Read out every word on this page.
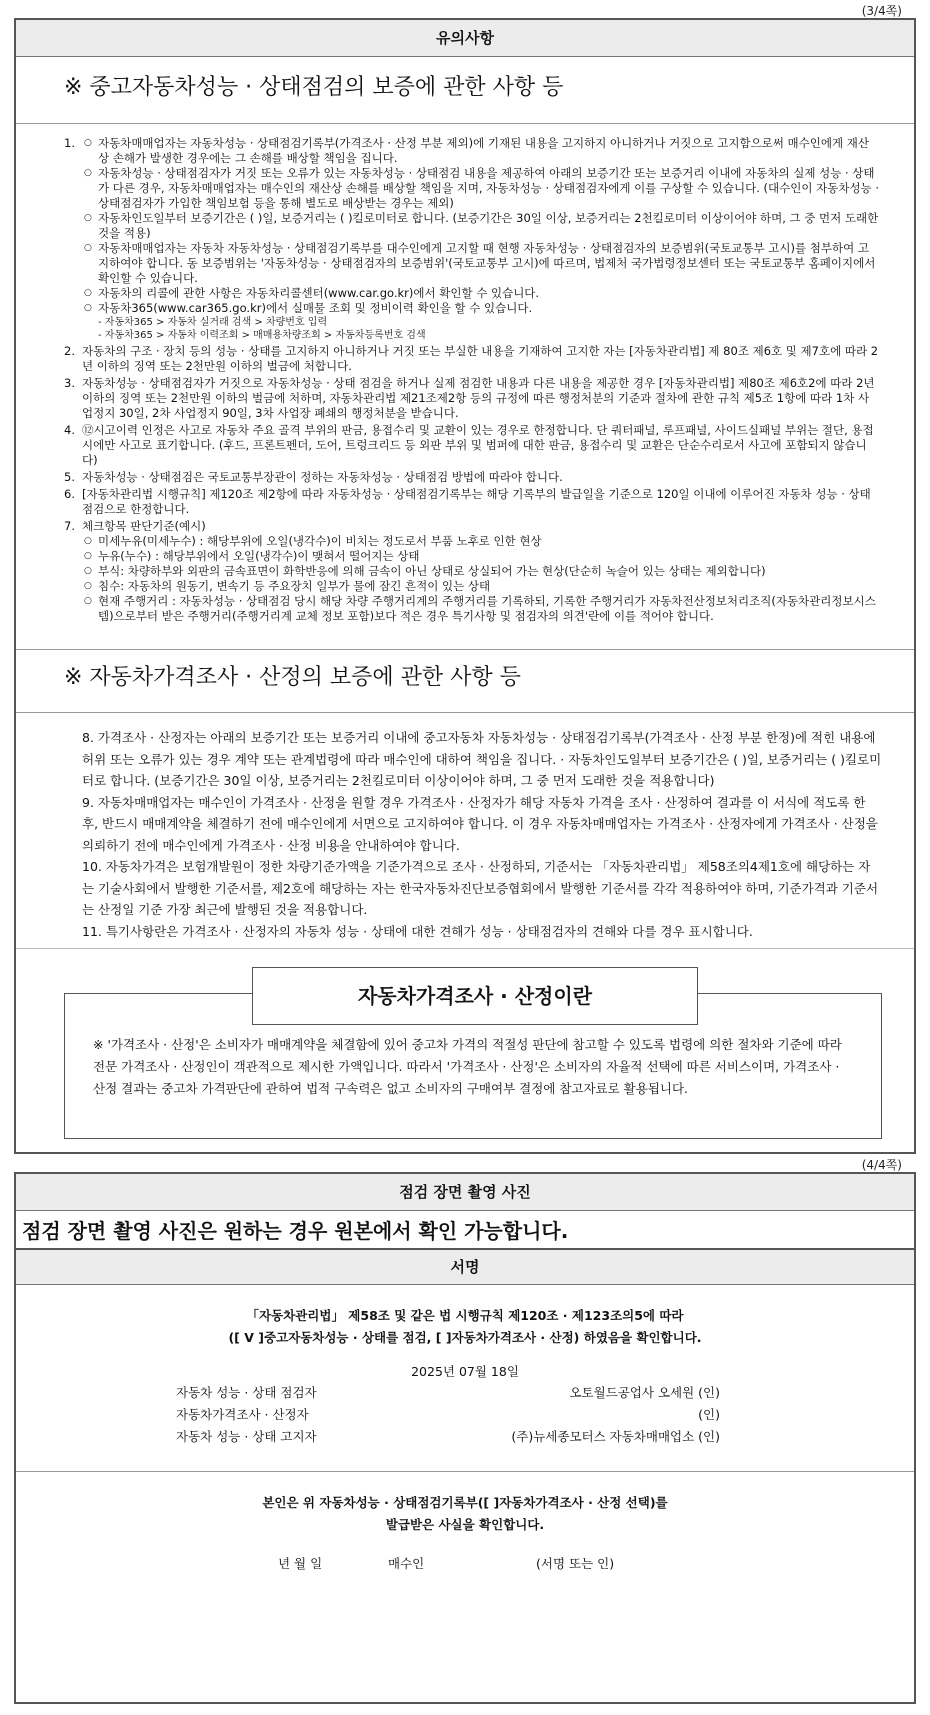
(3/4쪽)
유의사항
※ 중고자동차성능 · 상태점검의 보증에 관한 사항 등
1.
○	자동차매매업자는 자동차성능 · 상태점검기록부(가격조사 · 산정 부분 제외)에 기재된 내용을 고지하지 아니하거나 거짓으로 고지함으로써 매수인에게 재산상 손해가 발생한 경우에는 그 손해를 배상할 책임을 집니다.
○ 자동차성능 · 상태점검자가 거짓 또는 오류가 있는 자동차성능 · 상태점검 내용을 제공하여 아래의 보증기간 또는 보증거리 이내에 자동차의 실제 성능 · 상태가 다른 경우, 자동차매매업자는 매수인의 재산상 손해를 배상할 책임을 지며, 자동차성능 · 상태점검자에게 이를 구상할 수 있습니다. (대수인이 자동차성능 · 상태점검자가 가입한 책임보험 등을 통해 별도로 배상받는 경우는 제외)
○ 자동차인도일부터 보증기간은 ( )일, 보증거리는 ( )킬로미터로 합니다. (보증기간은 30일 이상, 보증거리는 2천킬로미터 이상이어야 하며, 그 중 먼저 도래한 것을 적용)
○ 자동차매매업자는 자동차 자동차성능 · 상태점검기록부를 대수인에게 고지할 때 현행 자동차성능 · 상태점검자의 보증범위(국토교통부 고시)를 첨부하여 고지하여야 합니다. 동 보증범위는 '자동차성능 · 상태점검자의 보증범위'(국토교통부 고시)에 따르며, 법제처 국가법령정보센터 또는 국토교통부 홈페이지에서 확인할 수 있습니다.
○ 자동차의 리콜에 관한 사항은 자동차리콜센터(www.car.go.kr)에서 확인할 수 있습니다.
○ 자동차365(www.car365.go.kr)에서 실매물 조회 및 정비이력 확인을 할 수 있습니다.
- 자동차365 > 자동차 실거래 검색 > 차량번호 입력
- 자동차365 > 자동차 이력조회 > 매매용차량조회 > 자동차등록번호 검색
2. 자동차의 구조 · 장치 등의 성능 · 상태를 고지하지 아니하거나 거짓 또는 부실한 내용을 기재하여 고지한 자는 [자동차관리법] 제 80조 제6호 및 제7호에 따라 2년 이하의 징역 또는 2천만원 이하의 벌금에 처합니다.
3. 자동차성능 · 상태점검자가 거짓으로 자동차성능 · 상태 점검을 하거나 실제 점검한 내용과 다른 내용을 제공한 경우 [자동차관리법] 제80조 제6호2에 따라 2년이하의 징역 또는 2천만원 이하의 벌금에 처하며, 자동차관리법 제21조제2항 등의 규정에 따른 행정처분의 기준과 절차에 관한 규칙 제5조 1항에 따라 1차 사업정지 30일, 2차 사업정지 90일, 3차 사업장 폐쇄의 행정처분을 받습니다.
4. ⑫시고이력 인정은 사고로 자동차 주요 골격 부위의 판금, 용접수리 및 교환이 있는 경우로 한정합니다. 단 쿼터패널, 루프패널, 사이드실패널 부위는 절단, 용접 시에만 사고로 표기합니다. (후드, 프론트펜더, 도어, 트렁크리드 등 외판 부위 및 범퍼에 대한 판금, 용접수리 및 교환은 단순수리로서 사고에 포함되지 않습니다)
5. 자동차성능 · 상태점검은 국토교통부장관이 정하는 자동차성능 · 상태점검 방법에 따라야 합니다.
6. [자동차관리법 시행규칙] 제120조 제2항에 따라 자동차성능 · 상태점검기록부는 해당 기록부의 발급일을 기준으로 120일 이내에 이루어진 자동차 성능 · 상태점검으로 한정합니다.
7. 체크항목 판단기준(예시)
○ 미세누유(미세누수) : 해당부위에 오일(냉각수)이 비치는 정도로서 부품 노후로 인한 현상
○ 누유(누수) : 해당부위에서 오일(냉각수)이 맺혀서 떨어지는 상태
○ 부식: 차량하부와 외판의 금속표면이 화학반응에 의해 금속이 아닌 상태로 상실되어 가는 현상(단순히 녹슬어 있는 상태는 제외합니다)
○ 침수: 자동차의 원동기, 변속기 등 주요장치 일부가 물에 잠긴 흔적이 있는 상태
○ 현재 주행거리 : 자동차성능 · 상태점검 당시 해당 차량 주행거리계의 주행거리를 기록하되, 기록한 주행거리가 자동차전산정보처리조직(자동차관리정보시스템)으로부터 받은 주행거리(주행거리계 교체 정보 포함)보다 적은 경우 특기사항 및 점검자의 의견'란에 이를 적어야 합니다.
※ 자동차가격조사 · 산정의 보증에 관한 사항 등

8. 가격조사 · 산정자는 아래의 보증기간 또는 보증거리 이내에 중고자동차 자동차성능 · 상태점검기록부(가격조사 · 산정 부분 한정)에 적힌 내용에 허위 또는 오류가 있는 경우 계약 또는 관계법령에 따라 매수인에 대하여 책임을 집니다. · 자동차인도일부터 보증기간은 ( )일, 보증거리는 ( )킬로미터로 합니다. (보증기간은 30일 이상, 보증거리는 2천킬로미터 이상이어야 하며, 그 중 먼저 도래한 것을 적용합니다)

9. 자동차매매업자는 매수인이 가격조사 · 산정을 원할 경우 가격조사 · 산정자가 해당 자동차 가격을 조사 · 산정하여 결과를 이 서식에 적도록 한 후, 반드시 매매계약을 체결하기 전에 매수인에게 서면으로 고지하여야 합니다. 이 경우 자동차매매업자는 가격조사 · 산정자에게 가격조사 · 산정을 의뢰하기 전에 매수인에게 가격조사 · 산정 비용을 안내하여야 합니다.

10. 자동차가격은 보험개발원이 정한 차량기준가액을 기준가격으로 조사 · 산정하되, 기준서는 「자동차관리법」 제58조의4제1호에 해당하는 자는 기술사회에서 발행한 기준서를, 제2호에 해당하는 자는 한국자동차진단보증협회에서 발행한 기준서를 각각 적용하여야 하며, 기준가격과 기준서는 산정일 기준 가장 최근에 발행된 것을 적용합니다.

11. 특기사항란은 가격조사 · 산정자의 자동차 성능 · 상태에 대한 견해가 성능 · 상태점검자의 견해와 다를 경우 표시합니다.

※ '가격조사 · 산정'은 소비자가 매매계약을 체결함에 있어 중고차 가격의 적절성 판단에 참고할 수 있도록 법령에 의한 절차와 기준에 따라 전문 가격조사 · 산정인이 객관적으로 제시한 가액입니다. 따라서 '가격조사 · 산정'은 소비자의 자율적 선택에 따른 서비스이며, 가격조사 · 산정 결과는 중고차 가격판단에 관하여 법적 구속력은 없고 소비자의 구매여부 결정에 참고자료로 활용됩니다.
자동차가격조사 · 산정이란
(4/4쪽)
점검 장면 촬영 사진
점검 장면 촬영 사진은 원하는 경우 원본에서 확인 가능합니다.
서명
「자동차관리법」 제58조 및 같은 법 시행규칙 제120조 · 제123조의5에 따라
([ V ]중고자동차성능 · 상태를 점검, [ ]자동차가격조사 · 산정) 하였음을 확인합니다.
2025년 07월 18일
자동차 성능 · 상태 점검자	오토월드공업사 오세원 (인)
자동차가격조사 · 산정자	(인)
자동차 성능 · 상태 고지자	(주)뉴세종모터스 자동차매매업소 (인)
본인은 위 자동차성능 · 상태점검기록부([ ]자동차가격조사 · 산정 선택)를
발급받은 사실을 확인합니다.
년 월 일	매수인	(서명 또는 인)
